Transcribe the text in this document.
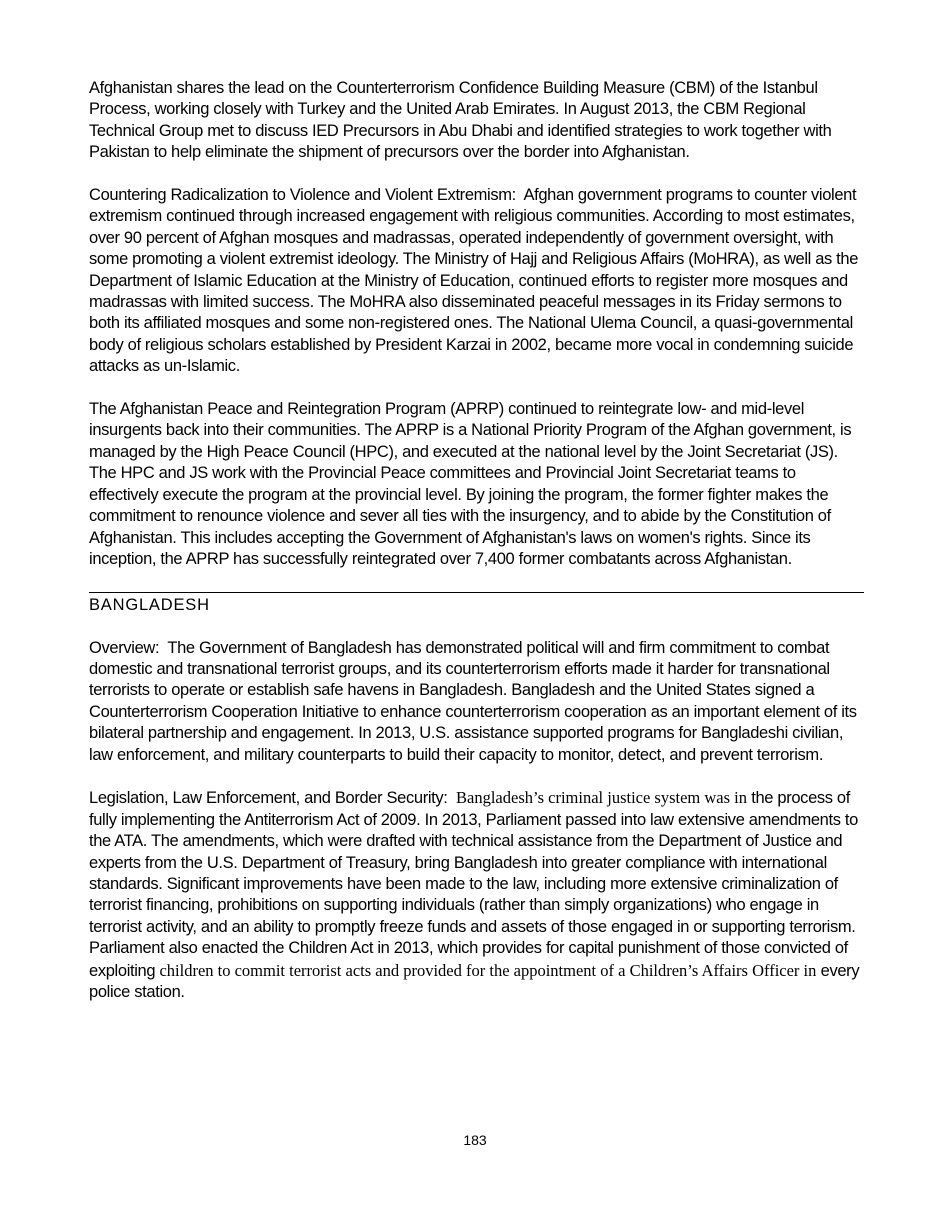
Afghanistan shares the lead on the Counterterrorism Confidence Building Measure (CBM) of the Istanbul Process, working closely with Turkey and the United Arab Emirates. In August 2013, the CBM Regional Technical Group met to discuss IED Precursors in Abu Dhabi and identified strategies to work together with Pakistan to help eliminate the shipment of precursors over the border into Afghanistan.

Countering Radicalization to Violence and Violent Extremism: Afghan government programs to counter violent extremism continued through increased engagement with religious communities. According to most estimates, over 90 percent of Afghan mosques and madrassas, operated independently of government oversight, with some promoting a violent extremist ideology. The Ministry of Hajj and Religious Affairs (MoHRA), as well as the Department of Islamic Education at the Ministry of Education, continued efforts to register more mosques and madrassas with limited success. The MoHRA also disseminated peaceful messages in its Friday sermons to both its affiliated mosques and some non-registered ones. The National Ulema Council, a quasi-governmental body of religious scholars established by President Karzai in 2002, became more vocal in condemning suicide attacks as un-Islamic.

The Afghanistan Peace and Reintegration Program (APRP) continued to reintegrate low- and mid-level insurgents back into their communities. The APRP is a National Priority Program of the Afghan government, is managed by the High Peace Council (HPC), and executed at the national level by the Joint Secretariat (JS). The HPC and JS work with the Provincial Peace committees and Provincial Joint Secretariat teams to effectively execute the program at the provincial level. By joining the program, the former fighter makes the commitment to renounce violence and sever all ties with the insurgency, and to abide by the Constitution of Afghanistan. This includes accepting the Government of Afghanistan's laws on women's rights. Since its inception, the APRP has successfully reintegrated over 7,400 former combatants across Afghanistan.

BANGLADESH

Overview: The Government of Bangladesh has demonstrated political will and firm commitment to combat domestic and transnational terrorist groups, and its counterterrorism efforts made it harder for transnational terrorists to operate or establish safe havens in Bangladesh. Bangladesh and the United States signed a Counterterrorism Cooperation Initiative to enhance counterterrorism cooperation as an important element of its bilateral partnership and engagement. In 2013, U.S. assistance supported programs for Bangladeshi civilian, law enforcement, and military counterparts to build their capacity to monitor, detect, and prevent terrorism.

Legislation, Law Enforcement, and Border Security: Bangladesh’s criminal justice system was in the process of fully implementing the Antiterrorism Act of 2009. In 2013, Parliament passed into law extensive amendments to the ATA. The amendments, which were drafted with technical assistance from the Department of Justice and experts from the U.S. Department of Treasury, bring Bangladesh into greater compliance with international standards. Significant improvements have been made to the law, including more extensive criminalization of terrorist financing, prohibitions on supporting individuals (rather than simply organizations) who engage in terrorist activity, and an ability to promptly freeze funds and assets of those engaged in or supporting terrorism. Parliament also enacted the Children Act in 2013, which provides for capital punishment of those convicted of exploiting children to commit terrorist acts and provided for the appointment of a Children’s Affairs Officer in every police station.

183
